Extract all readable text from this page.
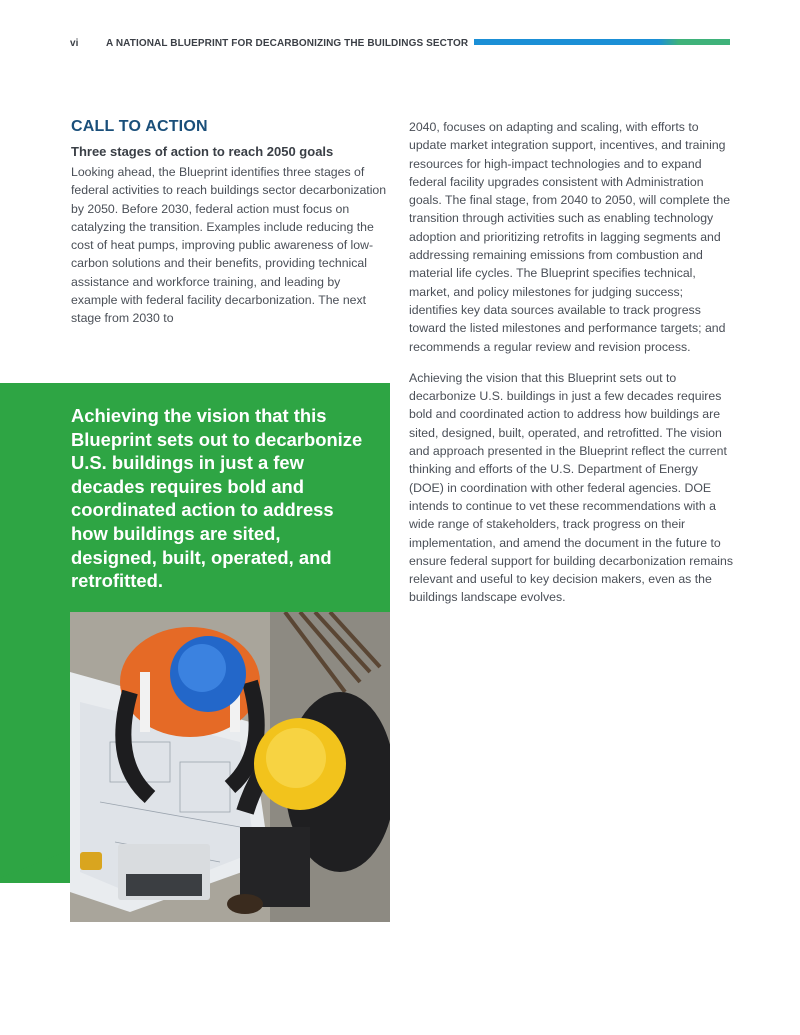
vi	A NATIONAL BLUEPRINT FOR DECARBONIZING THE BUILDINGS SECTOR
CALL TO ACTION
Three stages of action to reach 2050 goals

Looking ahead, the Blueprint identifies three stages of federal activities to reach buildings sector decarbonization by 2050. Before 2030, federal action must focus on catalyzing the transition. Examples include reducing the cost of heat pumps, improving public awareness of low-carbon solutions and their benefits, providing technical assistance and workforce training, and leading by example with federal facility decarbonization. The next stage from 2030 to

2040, focuses on adapting and scaling, with efforts to update market integration support, incentives, and training resources for high-impact technologies and to expand federal facility upgrades consistent with Administration goals. The final stage, from 2040 to 2050, will complete the transition through activities such as enabling technology adoption and prioritizing retrofits in lagging segments and addressing remaining emissions from combustion and material life cycles. The Blueprint specifies technical, market, and policy milestones for judging success; identifies key data sources available to track progress toward the listed milestones and performance targets; and recommends a regular review and revision process.

Achieving the vision that this Blueprint sets out to decarbonize U.S. buildings in just a few decades requires bold and coordinated action to address how buildings are sited, designed, built, operated, and retrofitted. The vision and approach presented in the Blueprint reflect the current thinking and efforts of the U.S. Department of Energy (DOE) in coordination with other federal agencies. DOE intends to continue to vet these recommendations with a wide range of stakeholders, track progress on their implementation, and amend the document in the future to ensure federal support for building decarbonization remains relevant and useful to key decision makers, even as the buildings landscape evolves.

Achieving the vision that this Blueprint sets out to decarbonize U.S. buildings in just a few decades requires bold and coordinated action to address how buildings are sited, designed, built, operated, and retrofitted.
